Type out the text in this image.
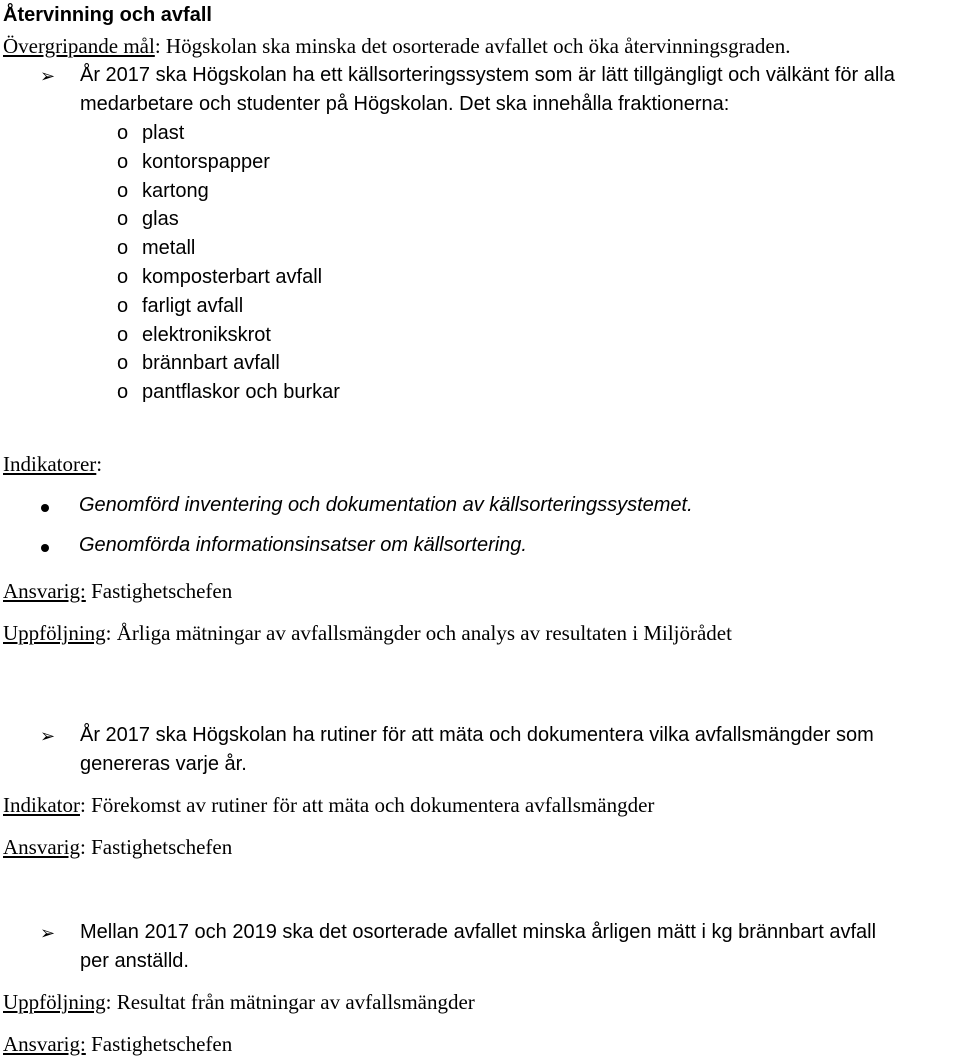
Återvinning och avfall
Övergripande mål: Högskolan ska minska det osorterade avfallet och öka återvinningsgraden.
➢ År 2017 ska Högskolan ha ett källsorteringssystem som är lätt tillgängligt och välkänt för alla
medarbetare och studenter på Högskolan. Det ska innehålla fraktionerna:
o plast
o kontorspapper
o kartong
o glas
o metall
o komposterbart avfall
o farligt avfall
o elektronikskrot
o brännbart avfall
o pantflaskor och burkar
Indikatorer:
Genomförd inventering och dokumentation av källsorteringssystemet.
Genomförda informationsinsatser om källsortering.
Ansvarig: Fastighetschefen
Uppföljning: Årliga mätningar av avfallsmängder och analys av resultaten i Miljörådet
➢ År 2017 ska Högskolan ha rutiner för att mäta och dokumentera vilka avfallsmängder som
genereras varje år.
Indikator: Förekomst av rutiner för att mäta och dokumentera avfallsmängder
Ansvarig: Fastighetschefen
➢ Mellan 2017 och 2019 ska det osorterade avfallet minska årligen mätt i kg brännbart avfall
per anställd.
Uppföljning: Resultat från mätningar av avfallsmängder
Ansvarig: Fastighetschefen
